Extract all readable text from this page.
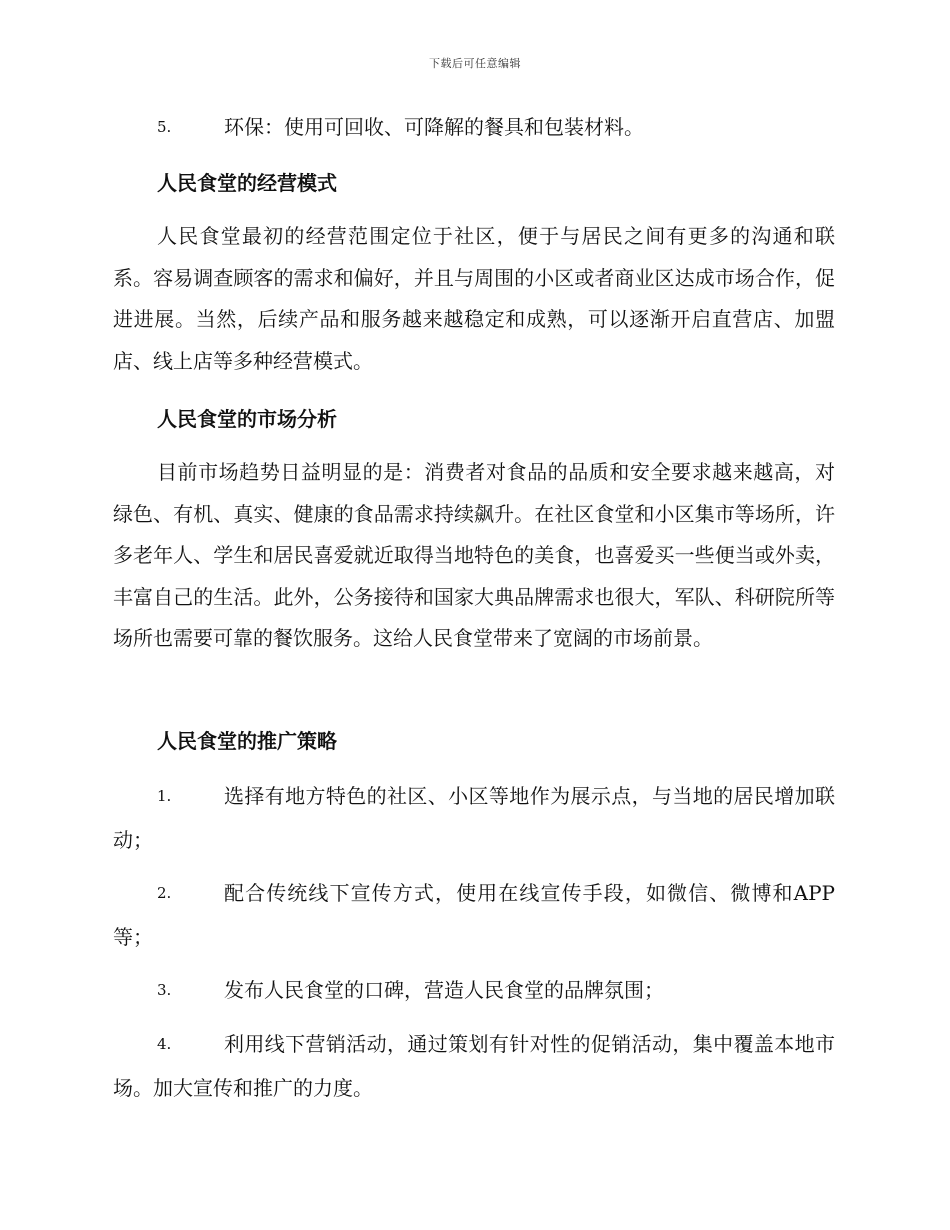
下载后可任意编辑
5.	环保：使用可回收、可降解的餐具和包装材料。
人民食堂的经营模式
人民食堂最初的经营范围定位于社区，便于与居民之间有更多的沟通和联系。容易调查顾客的需求和偏好，并且与周围的小区或者商业区达成市场合作，促进进展。当然，后续产品和服务越来越稳定和成熟，可以逐渐开启直营店、加盟店、线上店等多种经营模式。
人民食堂的市场分析
目前市场趋势日益明显的是：消费者对食品的品质和安全要求越来越高，对绿色、有机、真实、健康的食品需求持续飙升。在社区食堂和小区集市等场所，许多老年人、学生和居民喜爱就近取得当地特色的美食，也喜爱买一些便当或外卖，丰富自己的生活。此外，公务接待和国家大典品牌需求也很大，军队、科研院所等场所也需要可靠的餐饮服务。这给人民食堂带来了宽阔的市场前景。
人民食堂的推广策略
1.	选择有地方特色的社区、小区等地作为展示点，与当地的居民增加联动；
2.	配合传统线下宣传方式，使用在线宣传手段，如微信、微博和APP等；
3.	发布人民食堂的口碑，营造人民食堂的品牌氛围；
4.	利用线下营销活动，通过策划有针对性的促销活动，集中覆盖本地市场。加大宣传和推广的力度。
